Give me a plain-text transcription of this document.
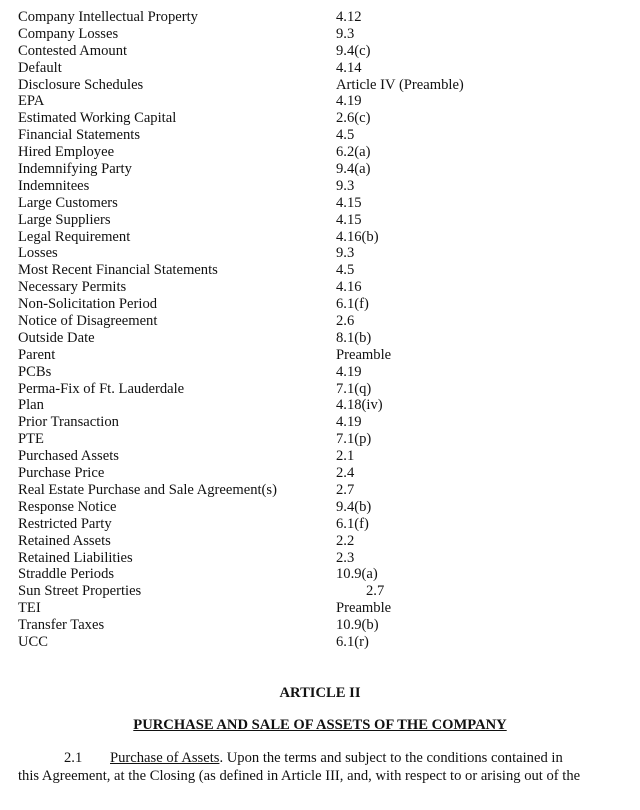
Company Intellectual Property	4.12
Company Losses	9.3
Contested Amount	9.4(c)
Default	4.14
Disclosure Schedules	Article IV (Preamble)
EPA	4.19
Estimated Working Capital	2.6(c)
Financial Statements	4.5
Hired Employee	6.2(a)
Indemnifying Party	9.4(a)
Indemnitees	9.3
Large Customers	4.15
Large Suppliers	4.15
Legal Requirement	4.16(b)
Losses	9.3
Most Recent Financial Statements	4.5
Necessary Permits	4.16
Non-Solicitation Period	6.1(f)
Notice of Disagreement	2.6
Outside Date	8.1(b)
Parent	Preamble
PCBs	4.19
Perma-Fix of Ft. Lauderdale	7.1(q)
Plan	4.18(iv)
Prior Transaction	4.19
PTE	7.1(p)
Purchased Assets	2.1
Purchase Price	2.4
Real Estate Purchase and Sale Agreement(s)	2.7
Response Notice	9.4(b)
Restricted Party	6.1(f)
Retained Assets	2.2
Retained Liabilities	2.3
Straddle Periods	10.9(a)
Sun Street Properties	2.7
TEI	Preamble
Transfer Taxes	10.9(b)
UCC	6.1(r)
ARTICLE II
PURCHASE AND SALE OF ASSETS OF THE COMPANY
2.1 Purchase of Assets. Upon the terms and subject to the conditions contained in
this Agreement, at the Closing (as defined in Article III, and, with respect to or arising out of the
